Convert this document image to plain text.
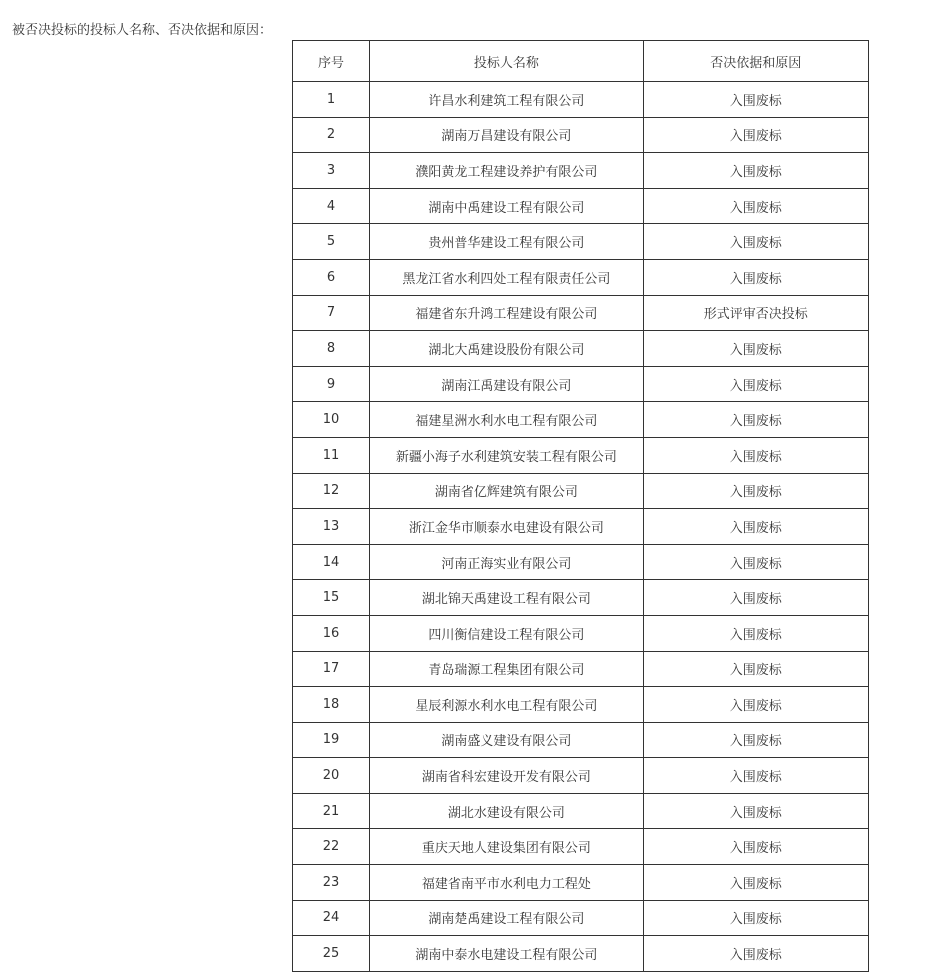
被否决投标的投标人名称、否决依据和原因：
序号	投标人名称	否决依据和原因
1	许昌水利建筑工程有限公司	入围废标
2	湖南万昌建设有限公司	入围废标
3	濮阳黄龙工程建设养护有限公司	入围废标
4	湖南中禹建设工程有限公司	入围废标
5	贵州普华建设工程有限公司	入围废标
6	黑龙江省水利四处工程有限责任公司	入围废标
7	福建省东升鸿工程建设有限公司	形式评审否决投标
8	湖北大禹建设股份有限公司	入围废标
9	湖南江禹建设有限公司	入围废标
10	福建星洲水利水电工程有限公司	入围废标
11	新疆小海子水利建筑安装工程有限公司	入围废标
12	湖南省亿辉建筑有限公司	入围废标
13	浙江金华市顺泰水电建设有限公司	入围废标
14	河南正海实业有限公司	入围废标
15	湖北锦天禹建设工程有限公司	入围废标
16	四川衡信建设工程有限公司	入围废标
17	青岛瑞源工程集团有限公司	入围废标
18	星辰利源水利水电工程有限公司	入围废标
19	湖南盛义建设有限公司	入围废标
20	湖南省科宏建设开发有限公司	入围废标
21	湖北水建设有限公司	入围废标
22	重庆天地人建设集团有限公司	入围废标
23	福建省南平市水利电力工程处	入围废标
24	湖南楚禹建设工程有限公司	入围废标
25	湖南中泰水电建设工程有限公司	入围废标
